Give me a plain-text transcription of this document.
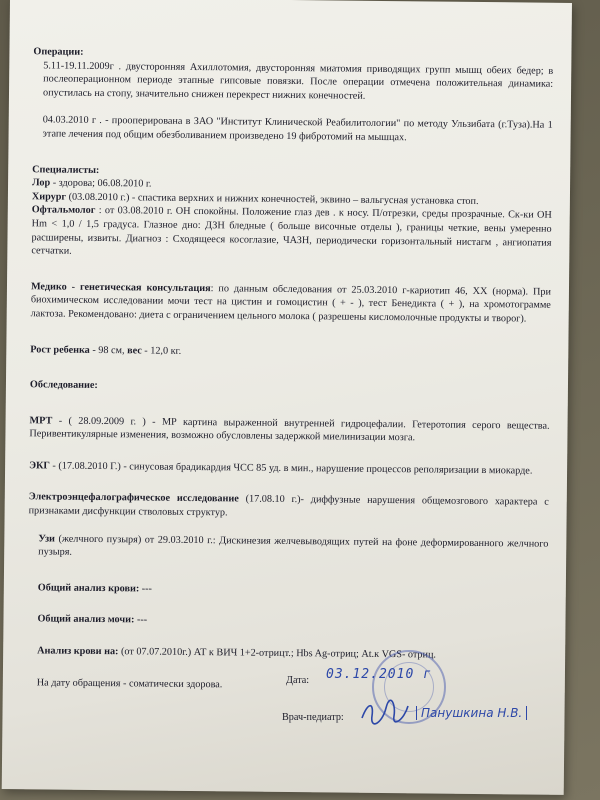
Операции:

5.11-19.11.2009г . двусторонняя Ахиллотомия, двусторонняя миатомия приводящих групп мышц обеих бедер; в послеоперационном периоде этапные гипсовые повязки. После операции отмечена положительная динамика: опустилась на стопу, значительно снижен перекрест нижних конечностей.

04.03.2010 г . - прооперирована в ЗАО "Институт Клинической Реабилитологии" по методу Ульзибата (г.Туза).На 1 этапе лечения под общим обезболиванием произведено 19 фибротомий на мышцах.

Специалисты:

Лор - здорова; 06.08.2010 г.

Хирург (03.08.2010 г.) - спастика верхних и нижних конечностей, эквино – вальгусная установка стоп.

Офтальмолог : от 03.08.2010 г. ОН спокойны. Положение глаз дев . к носу. П/отрезки, среды прозрачные. Ск-ки ОН Нm < 1,0 / 1,5 градуса. Глазное дно: ДЗН бледные ( больше височные отделы ), границы четкие, вены умеренно расширены, извиты. Диагноз : Сходящееся косоглазие, ЧАЗН, периодически горизонтальный нистагм , ангиопатия сетчатки.

Медико - генетическая консультация: по данным обследования от 25.03.2010 г-кариотип 46, XX (норма). При биохимическом исследовании мочи тест на цистин и гомоцистин ( + - ), тест Бенедикта ( + ), на хромотограмме лактоза. Рекомендовано: диета с ограничением цельного молока ( разрешены кисломолочные продукты и творог).

Рост ребенка - 98 см, вес - 12,0 кг.

Обследование:

МРТ - ( 28.09.2009 г. ) - МР картина выраженной внутренней гидроцефалии. Гетеротопия серого вещества. Перивентикулярные изменения, возможно обусловлены задержкой миелинизации мозга.

ЭКГ - (17.08.2010 Г.) - синусовая брадикардия ЧСС 85 уд. в мин., нарушение процессов реполяризации в миокарде.

Электроэнцефалографическое исследование (17.08.10 г.)- диффузные нарушения общемозгового характера с признаками дисфункции стволовых структур.

Узи (желчного пузыря) от 29.03.2010 г.: Дискинезия желчевыводящих путей на фоне деформированного желчного пузыря.

Общий анализ крови: ---

Общий анализ мочи: ---

Анализ крови на: (от 07.07.2010г.) АТ к ВИЧ 1+2-отрицт.; Hbs Ag-отриц; At.к VGS- отриц.

На дату обращения - соматически здорова.	Дата: 03.12.2010 г
Врач-педиатр:	Панушкина Н.В.
